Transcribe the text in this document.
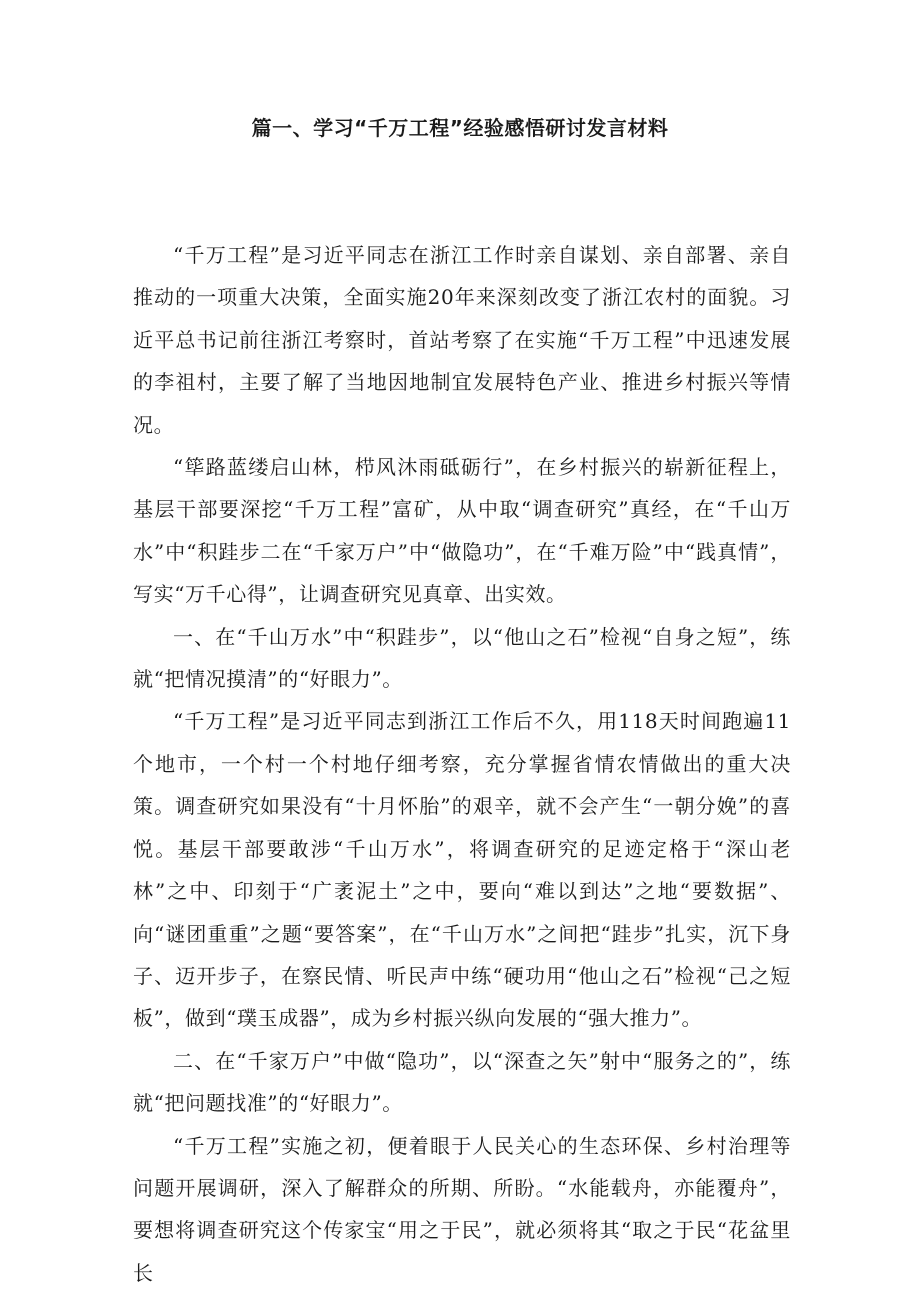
篇一、学习“千万工程”经验感悟研讨发言材料

“千万工程”是习近平同志在浙江工作时亲自谋划、亲自部署、亲自推动的一项重大决策，全面实施20年来深刻改变了浙江农村的面貌。习近平总书记前往浙江考察时，首站考察了在实施“千万工程”中迅速发展的李祖村，主要了解了当地因地制宜发展特色产业、推进乡村振兴等情况。

“筚路蓝缕启山林，栉风沐雨砥砺行”，在乡村振兴的崭新征程上，基层干部要深挖“千万工程”富矿，从中取“调查研究”真经，在“千山万水”中“积跬步二在“千家万户”中“做隐功”，在“千难万险”中“践真情”，写实“万千心得”，让调查研究见真章、出实效。

一、在“千山万水”中“积跬步”，以“他山之石”检视“自身之短”，练就“把情况摸清”的“好眼力”。

“千万工程”是习近平同志到浙江工作后不久，用118天时间跑遍11个地市，一个村一个村地仔细考察，充分掌握省情农情做出的重大决策。调查研究如果没有“十月怀胎”的艰辛，就不会产生“一朝分娩”的喜悦。基层干部要敢涉“千山万水”，将调查研究的足迹定格于“深山老林”之中、印刻于“广袤泥土”之中，要向“难以到达”之地“要数据”、向“谜团重重”之题“要答案”，在“千山万水”之间把“跬步”扎实，沉下身子、迈开步子，在察民情、听民声中练“硬功用“他山之石”检视“己之短板”，做到“璞玉成器”，成为乡村振兴纵向发展的“强大推力”。

二、在“千家万户”中做“隐功”，以“深查之矢”射中“服务之的”，练就“把问题找准”的“好眼力”。

“千万工程”实施之初，便着眼于人民关心的生态环保、乡村治理等问题开展调研，深入了解群众的所期、所盼。“水能载舟，亦能覆舟”，要想将调查研究这个传家宝“用之于民”，就必须将其“取之于民“花盆里长
